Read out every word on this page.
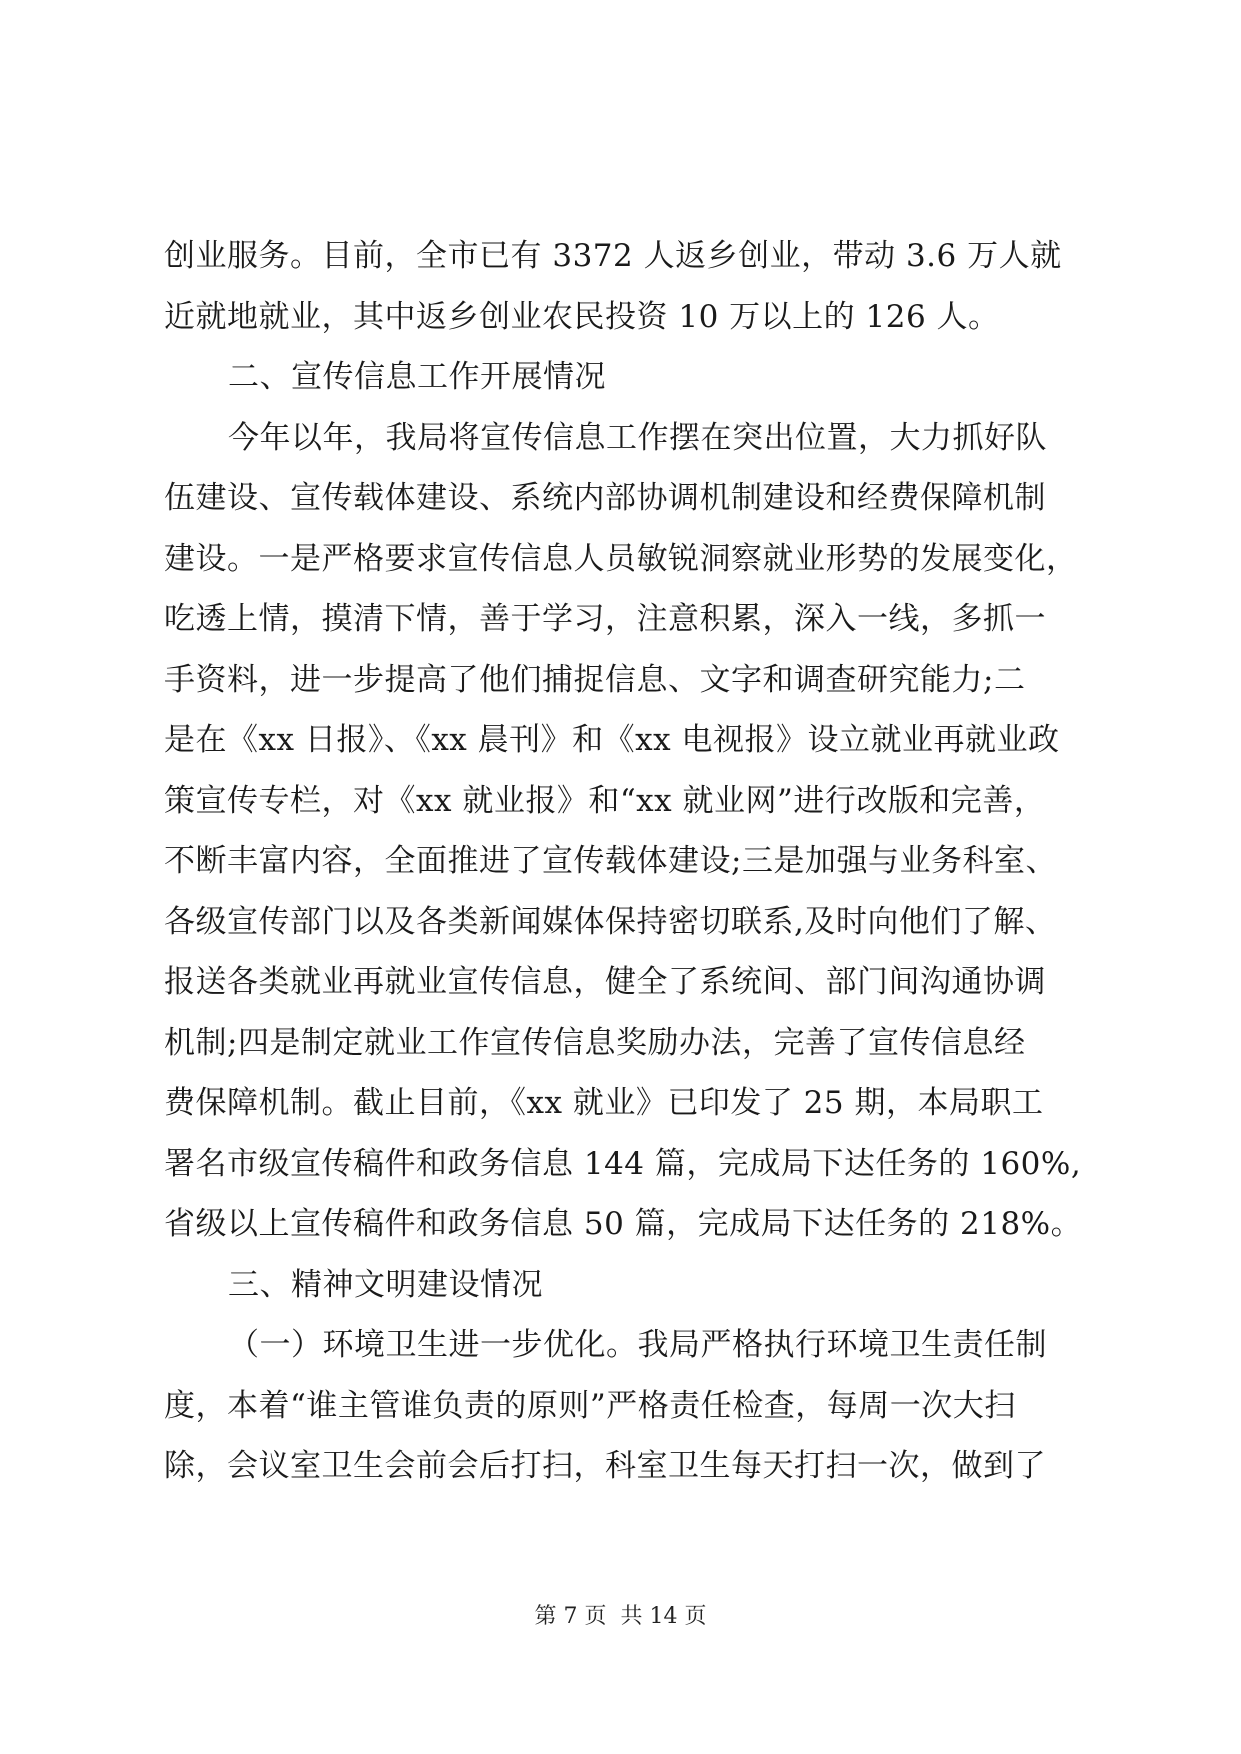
创业服务。目前，全市已有 3372 人返乡创业，带动 3.6 万人就
近就地就业，其中返乡创业农民投资 10 万以上的 126 人。
二、宣传信息工作开展情况
今年以年，我局将宣传信息工作摆在突出位置，大力抓好队
伍建设、宣传载体建设、系统内部协调机制建设和经费保障机制
建设。一是严格要求宣传信息人员敏锐洞察就业形势的发展变化，
吃透上情，摸清下情，善于学习，注意积累，深入一线，多抓一
手资料，进一步提高了他们捕捉信息、文字和调查研究能力;二
是在《xx 日报》、《xx 晨刊》和《xx 电视报》设立就业再就业政
策宣传专栏，对《xx 就业报》和“xx 就业网”进行改版和完善，
不断丰富内容，全面推进了宣传载体建设;三是加强与业务科室、
各级宣传部门以及各类新闻媒体保持密切联系,及时向他们了解、
报送各类就业再就业宣传信息，健全了系统间、部门间沟通协调
机制;四是制定就业工作宣传信息奖励办法，完善了宣传信息经
费保障机制。截止目前，《xx 就业》已印发了 25 期，本局职工
署名市级宣传稿件和政务信息 144 篇，完成局下达任务的 160%,
省级以上宣传稿件和政务信息 50 篇，完成局下达任务的 218%。
三、精神文明建设情况
（一）环境卫生进一步优化。我局严格执行环境卫生责任制
度，本着“谁主管谁负责的原则”严格责任检查，每周一次大扫
除，会议室卫生会前会后打扫，科室卫生每天打扫一次，做到了
第 7 页  共 14 页
